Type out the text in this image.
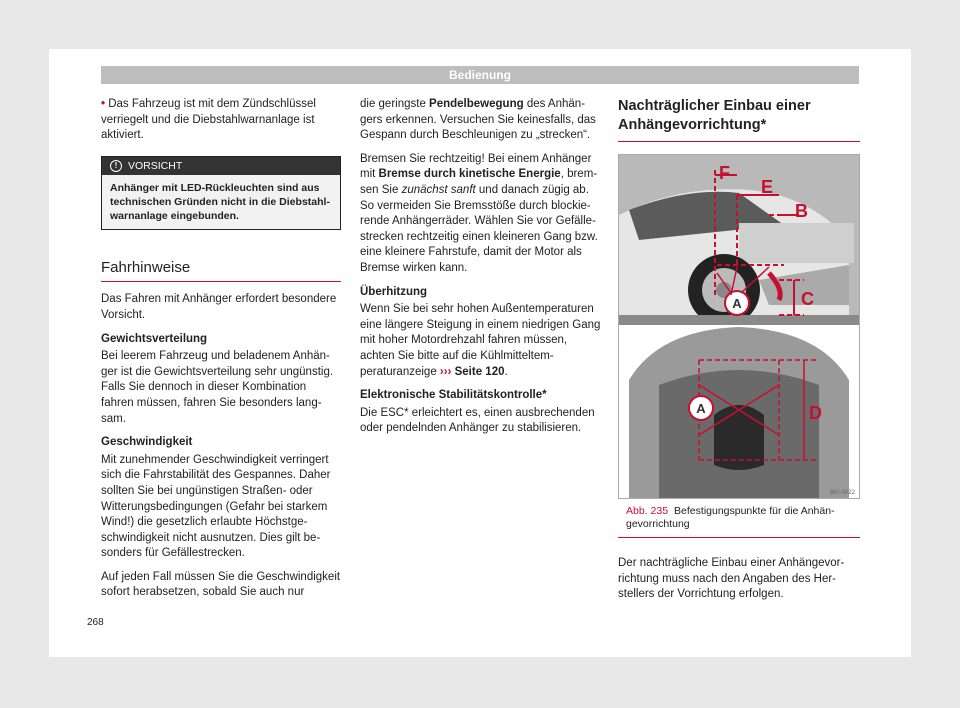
Bedienung

• Das Fahrzeug ist mit dem Zündschlüssel verriegelt und die Diebstahlwarnanlage ist aktiviert.

!	VORSICHT
Anhänger mit LED-Rückleuchten sind aus technischen Gründen nicht in die Diebstahlwarnanlage eingebunden.
Fahrhinweise

Das Fahren mit Anhänger erfordert besondere Vorsicht.

Gewichtsverteilung

Bei leerem Fahrzeug und beladenem Anhänger ist die Gewichtsverteilung sehr ungünstig. Falls Sie dennoch in dieser Kombination fahren müssen, fahren Sie besonders langsam.

Geschwindigkeit

Mit zunehmender Geschwindigkeit verringert sich die Fahrstabilität des Gespannes. Daher sollten Sie bei ungünstigen Straßen- oder Witterungsbedingungen (Gefahr bei starkem Wind!) die gesetzlich erlaubte Höchstgeschwindigkeit nicht ausnutzen. Dies gilt besonders für Gefällestrecken.

Auf jeden Fall müssen Sie die Geschwindigkeit sofort herabsetzen, sobald Sie auch nur

die geringste Pendelbewegung des Anhängers erkennen. Versuchen Sie keinesfalls, das Gespann durch Beschleunigen zu „strecken“.

Bremsen Sie rechtzeitig! Bei einem Anhänger mit Bremse durch kinetische Energie, bremsen Sie zunächst sanft und danach zügig ab. So vermeiden Sie Bremsstöße durch blockierende Anhängerräder. Wählen Sie vor Gefällestrecken rechtzeitig einen kleineren Gang bzw. eine kleinere Fahrstufe, damit der Motor als Bremse wirken kann.

Überhitzung

Wenn Sie bei sehr hohen Außentemperaturen eine längere Steigung in einem niedrigen Gang mit hoher Motordrehzahl fahren müssen, achten Sie bitte auf die Kühlmitteltemperaturanzeige ››› Seite 120.

Elektronische Stabilitätskontrolle*

Die ESC* erleichtert es, einen ausbrechenden oder pendelnden Anhänger zu stabilisieren.

Nachträglicher Einbau einer Anhängevorrichtung*
A
F
E
B
C
A	D
BKI-0022
Abb. 235 Befestigungspunkte für die Anhängevorrichtung

Der nachträgliche Einbau einer Anhängevorrichtung muss nach den Angaben des Herstellers der Vorrichtung erfolgen.

268
